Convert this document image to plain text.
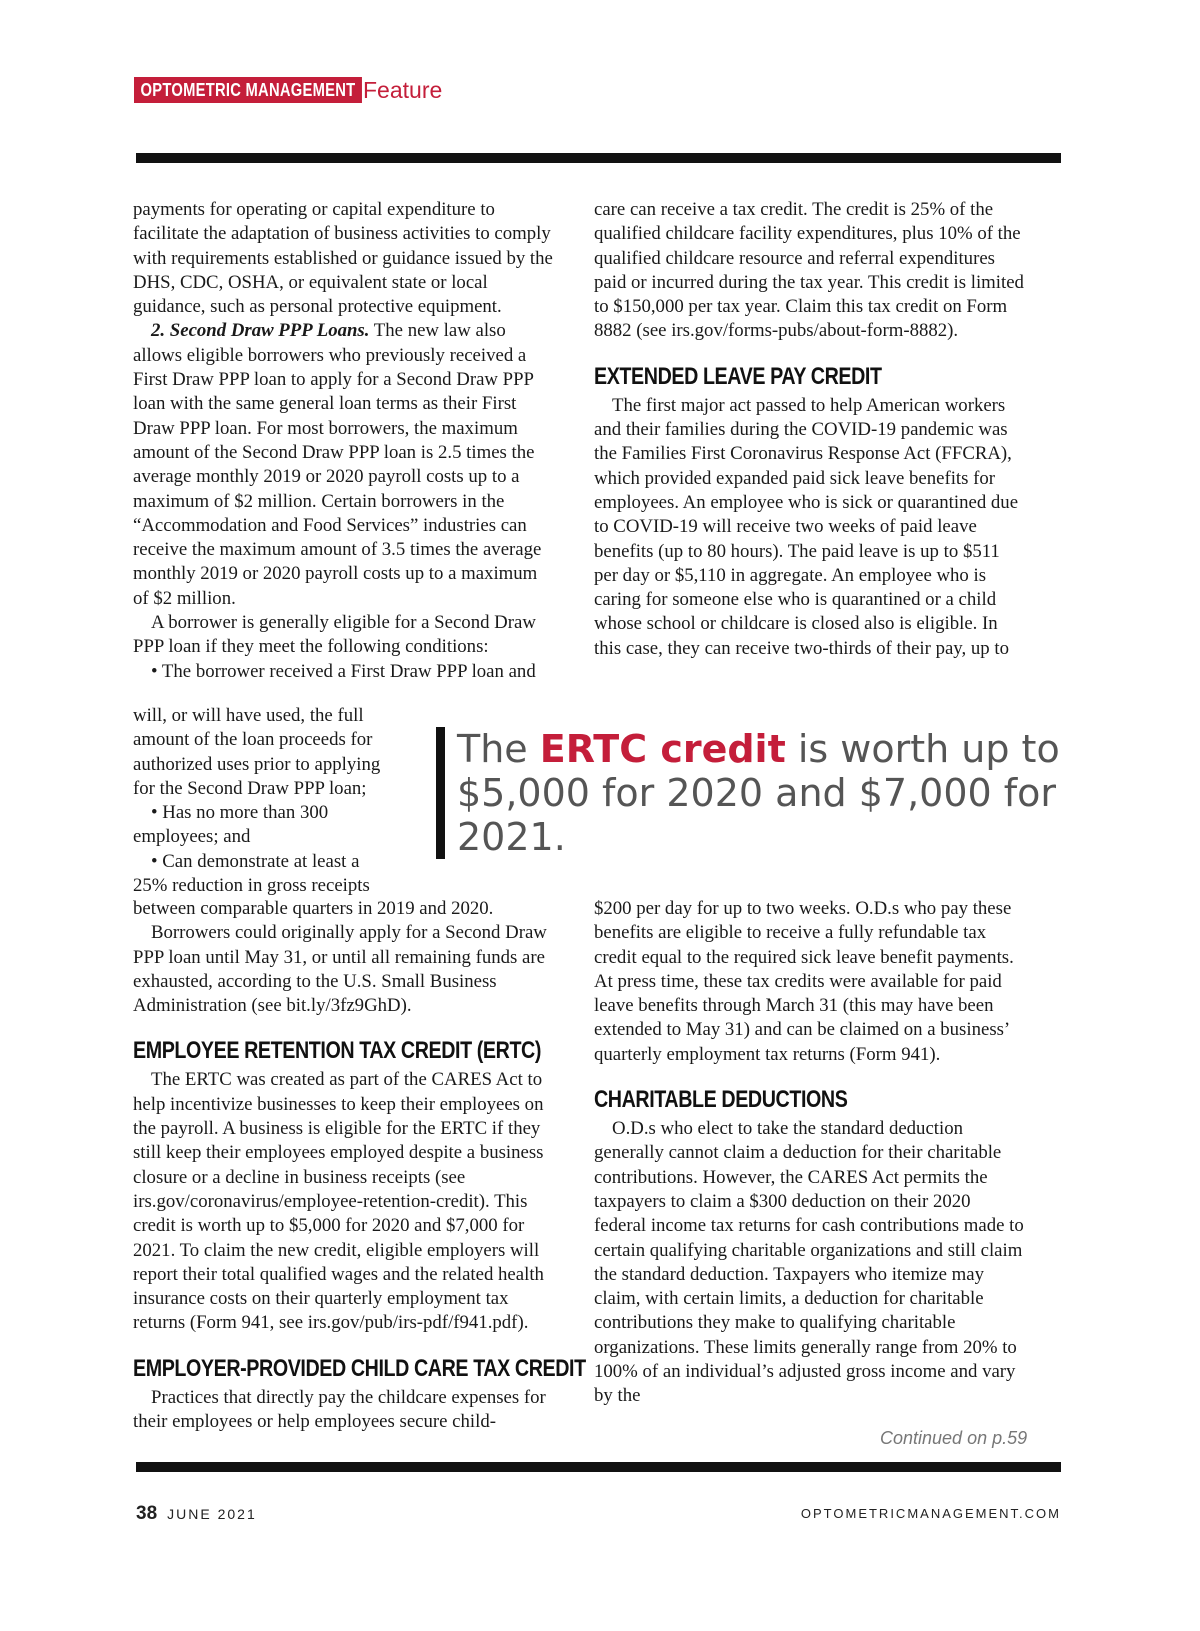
OPTOMETRIC MANAGEMENT Feature

payments for operating or capital expenditure to facilitate the adaptation of business activities to comply with requirements established or guidance issued by the DHS, CDC, OSHA, or equivalent state or local guidance, such as personal protective equipment.

2. Second Draw PPP Loans. The new law also allows eligible borrowers who previously received a First Draw PPP loan to apply for a Second Draw PPP loan with the same general loan terms as their First Draw PPP loan. For most borrowers, the maximum amount of the Second Draw PPP loan is 2.5 times the average monthly 2019 or 2020 payroll costs up to a maximum of $2 million. Certain borrowers in the “Accommodation and Food Services” industries can receive the maximum amount of 3.5 times the average monthly 2019 or 2020 payroll costs up to a maximum of $2 million.

A borrower is generally eligible for a Second Draw PPP loan if they meet the following conditions:

• The borrower received a First Draw PPP loan and

will, or will have used, the full amount of the loan proceeds for authorized uses prior to applying for the Second Draw PPP loan;

• Has no more than 300 employees; and

• Can demonstrate at least a 25% reduction in gross receipts

between comparable quarters in 2019 and 2020.

Borrowers could originally apply for a Second Draw PPP loan until May 31, or until all remaining funds are exhausted, according to the U.S. Small Business Administration (see bit.ly/3fz9GhD).

EMPLOYEE RETENTION TAX CREDIT (ERTC)

The ERTC was created as part of the CARES Act to help incentivize businesses to keep their employees on the payroll. A business is eligible for the ERTC if they still keep their employees employed despite a business closure or a decline in business receipts (see irs.gov/coronavirus/employee-retention-credit). This credit is worth up to $5,000 for 2020 and $7,000 for 2021. To claim the new credit, eligible employers will report their total qualified wages and the related health insurance costs on their quarterly employment tax returns (Form 941, see irs.gov/pub/irs-pdf/f941.pdf).

EMPLOYER-PROVIDED CHILD CARE TAX CREDIT

Practices that directly pay the childcare expenses for their employees or help employees secure child-

care can receive a tax credit. The credit is 25% of the qualified childcare facility expenditures, plus 10% of the qualified childcare resource and referral expenditures paid or incurred during the tax year. This credit is limited to $150,000 per tax year. Claim this tax credit on Form 8882 (see irs.gov/forms-pubs/about-form-8882).

EXTENDED LEAVE PAY CREDIT

The first major act passed to help American workers and their families during the COVID-19 pandemic was the Families First Coronavirus Response Act (FFCRA), which provided expanded paid sick leave benefits for employees. An employee who is sick or quarantined due to COVID-19 will receive two weeks of paid leave benefits (up to 80 hours). The paid leave is up to $511 per day or $5,110 in aggregate. An employee who is caring for someone else who is quarantined or a child whose school or childcare is closed also is eligible. In this case, they can receive two-thirds of their pay, up to

The ERTC credit is worth up to $5,000 for 2020 and $7,000 for 2021.

$200 per day for up to two weeks. O.D.s who pay these benefits are eligible to receive a fully refundable tax credit equal to the required sick leave benefit payments. At press time, these tax credits were available for paid leave benefits through March 31 (this may have been extended to May 31) and can be claimed on a business’ quarterly employment tax returns (Form 941).

CHARITABLE DEDUCTIONS

O.D.s who elect to take the standard deduction generally cannot claim a deduction for their charitable contributions. However, the CARES Act permits the taxpayers to claim a $300 deduction on their 2020 federal income tax returns for cash contributions made to certain qualifying charitable organizations and still claim the standard deduction. Taxpayers who itemize may claim, with certain limits, a deduction for charitable contributions they make to qualifying charitable organizations. These limits generally range from 20% to 100% of an individual’s adjusted gross income and vary by the

Continued on p.59
38 JUNE 2021	OPTOMETRICMANAGEMENT.COM
